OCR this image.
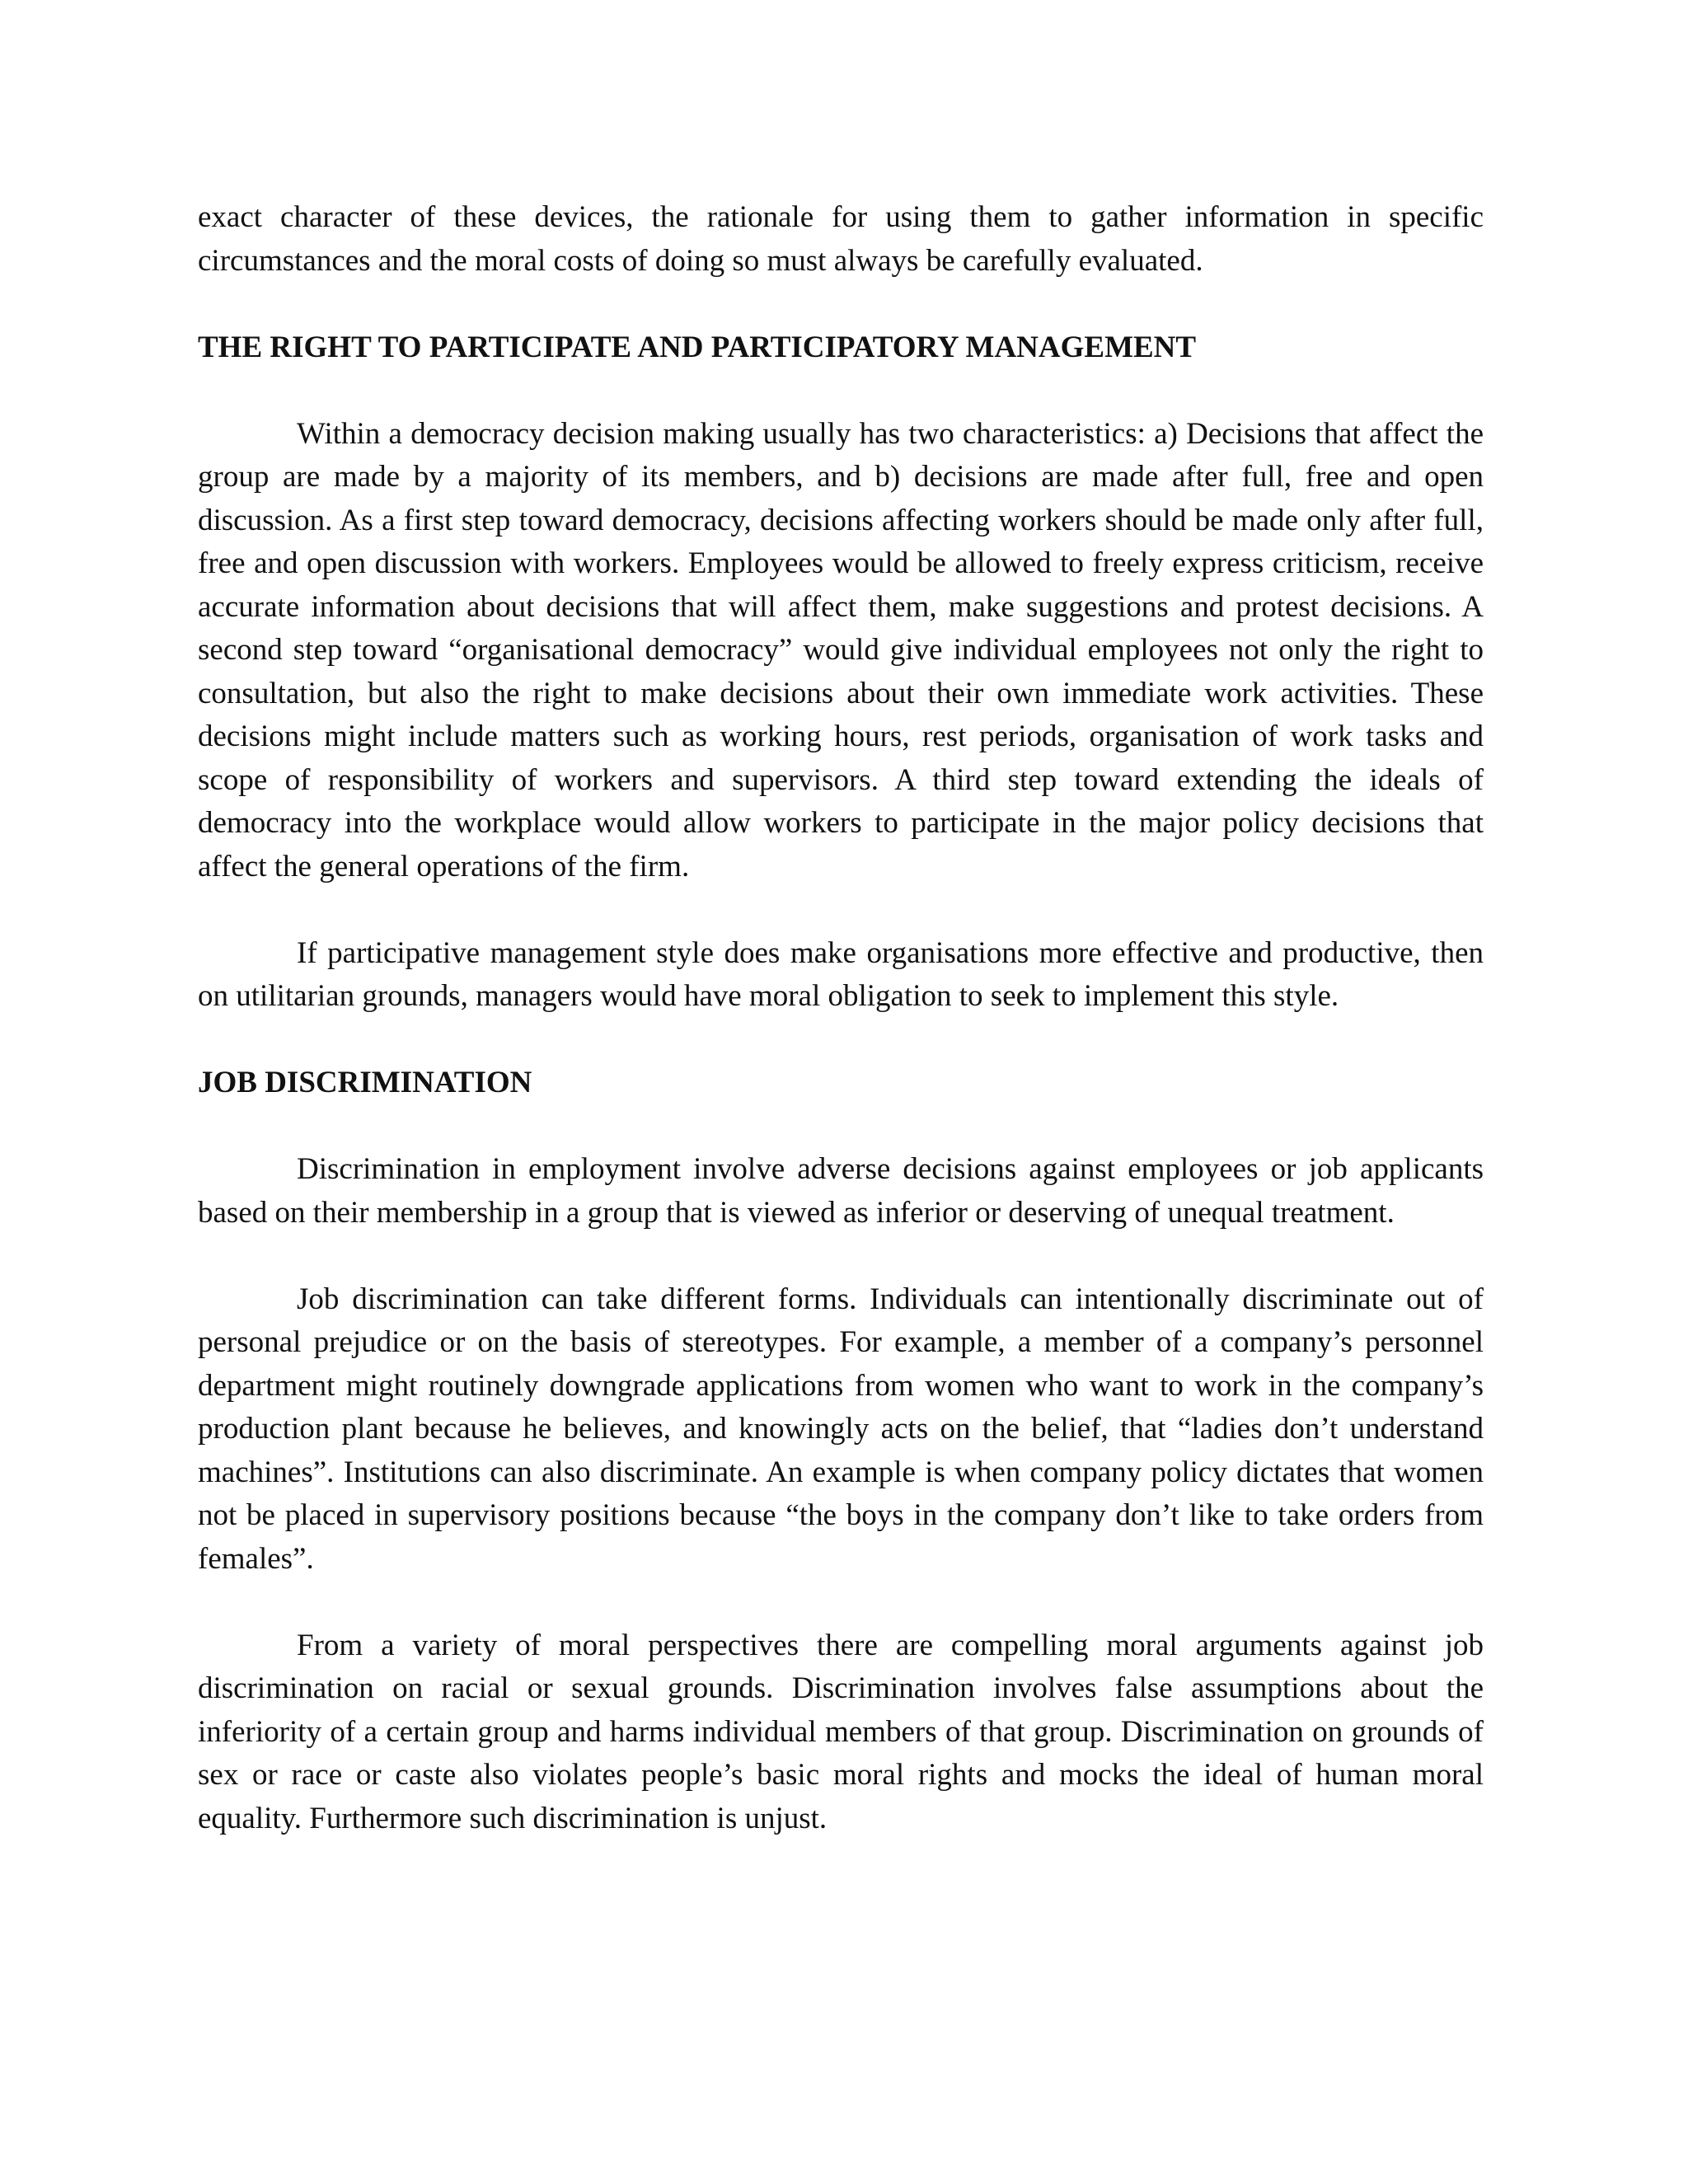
exact character of these devices, the rationale for using them to gather information in specific circumstances and the moral costs of doing so must always be carefully evaluated.

THE RIGHT TO PARTICIPATE AND PARTICIPATORY MANAGEMENT

Within a democracy decision making usually has two characteristics: a) Decisions that affect the group are made by a majority of its members, and b) decisions are made after full, free and open discussion. As a first step toward democracy, decisions affecting workers should be made only after full, free and open discussion with workers. Employees would be allowed to freely express criticism, receive accurate information about decisions that will affect them, make suggestions and protest decisions. A second step toward “organisational democracy” would give individual employees not only the right to consultation, but also the right to make decisions about their own immediate work activities. These decisions might include matters such as working hours, rest periods, organisation of work tasks and scope of responsibility of workers and supervisors. A third step toward extending the ideals of democracy into the workplace would allow workers to participate in the major policy decisions that affect the general operations of the firm.

If participative management style does make organisations more effective and productive, then on utilitarian grounds, managers would have moral obligation to seek to implement this style.

JOB DISCRIMINATION

Discrimination in employment involve adverse decisions against employees or job applicants based on their membership in a group that is viewed as inferior or deserving of unequal treatment.

Job discrimination can take different forms. Individuals can intentionally discriminate out of personal prejudice or on the basis of stereotypes. For example, a member of a company’s personnel department might routinely downgrade applications from women who want to work in the company’s production plant because he believes, and knowingly acts on the belief, that “ladies don’t understand machines”. Institutions can also discriminate. An example is when company policy dictates that women not be placed in supervisory positions because “the boys in the company don’t like to take orders from females”.

From a variety of moral perspectives there are compelling moral arguments against job discrimination on racial or sexual grounds. Discrimination involves false assumptions about the inferiority of a certain group and harms individual members of that group. Discrimination on grounds of sex or race or caste also violates people’s basic moral rights and mocks the ideal of human moral equality. Furthermore such discrimination is unjust.
